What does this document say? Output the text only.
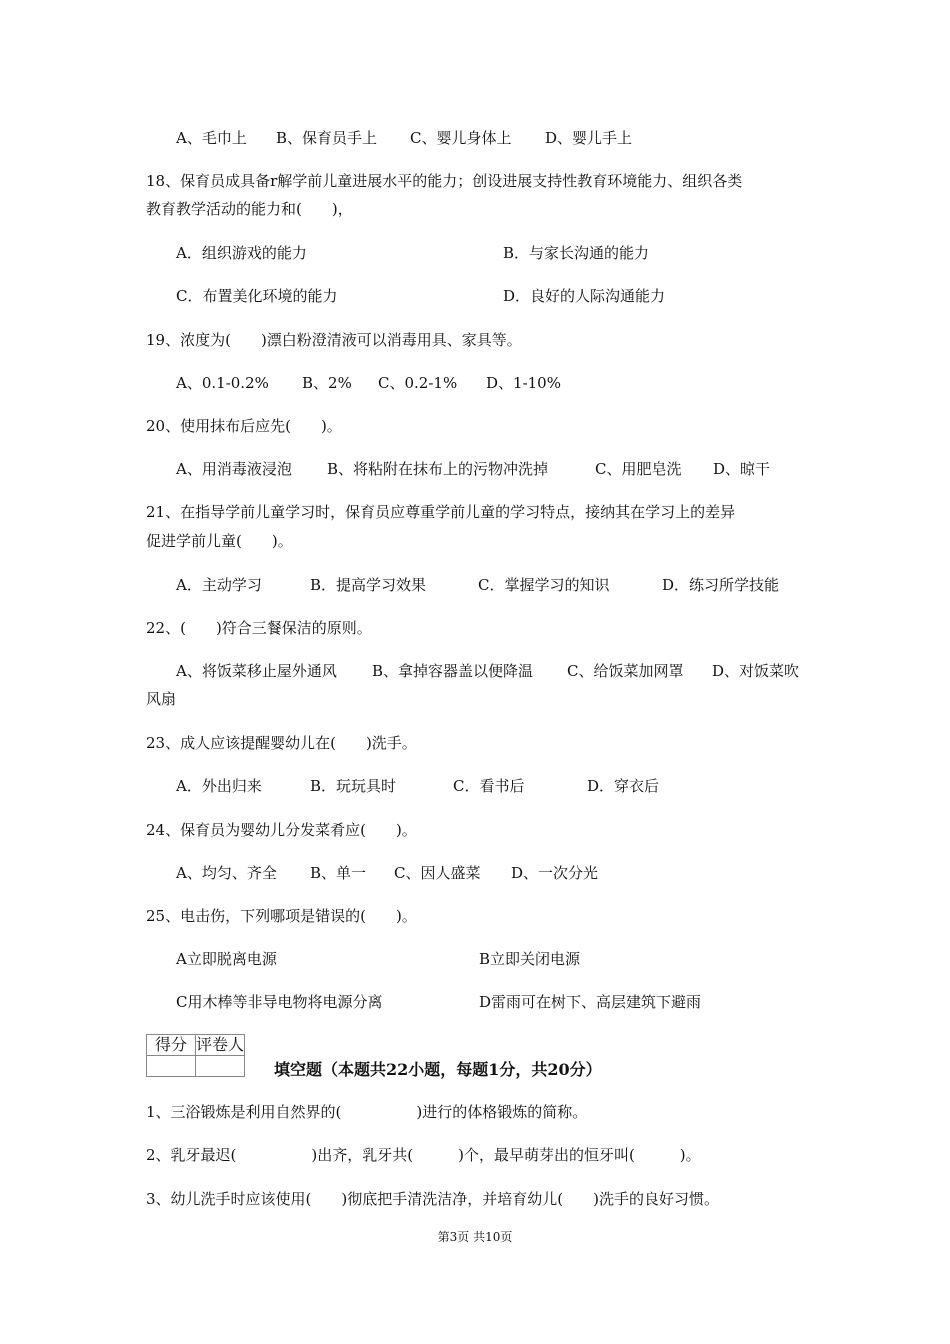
A、毛巾上 B、保育员手上 C、婴儿身体上 D、婴儿手上
18、保育员成具备r解学前儿童进展水平的能力；创设进展支持性教育环境能力、组织各类
教育教学活动的能力和(　　)，
A．组织游戏的能力	B．与家长沟通的能力
C．布置美化环境的能力	D．良好的人际沟通能力
19、浓度为(　　)漂白粉澄清液可以消毒用具、家具等。
A、0.1-0.2% B、2% C、0.2-1% D、1-10%
20、使用抹布后应先(　　)。
A、用消毒液浸泡 B、将粘附在抹布上的污物冲洗掉	C、用肥皂洗 D、晾干
21、在指导学前儿童学习时，保育员应尊重学前儿童的学习特点，接纳其在学习上的差异
促进学前儿童(　　)。
A．主动学习	B．提高学习效果	C．掌握学习的知识	D．练习所学技能
22、(　　)符合三餐保洁的原则。
A、将饭菜移止屋外通风 B、拿掉容器盖以便降温 C、给饭菜加网罩 D、对饭菜吹
风扇
23、成人应该提醒婴幼儿在(　　)洗手。
A．外出归来	B．玩玩具时	C．看书后	D．穿衣后
24、保育员为婴幼儿分发菜肴应(　　)。
A、均匀、齐全 B、单一 C、因人盛菜 D、一次分光
25、电击伤，下列哪项是错误的(　　)。
A立即脱离电源	B立即关闭电源
C用木棒等非导电物将电源分离	D雷雨可在树下、高层建筑下避雨
得分	评卷人

填空题（本题共22小题，每题1分，共20分）
1、三浴锻炼是利用自然界的(　　　　　)进行的体格锻炼的简称。
2、乳牙最迟(　　　　　)出齐，乳牙共(　　　)个，最早萌芽出的恒牙叫(　　　)。
3、幼儿洗手时应该使用(　　)彻底把手清洗洁净，并培育幼儿(　　)洗手的良好习惯。
第3页 共10页
